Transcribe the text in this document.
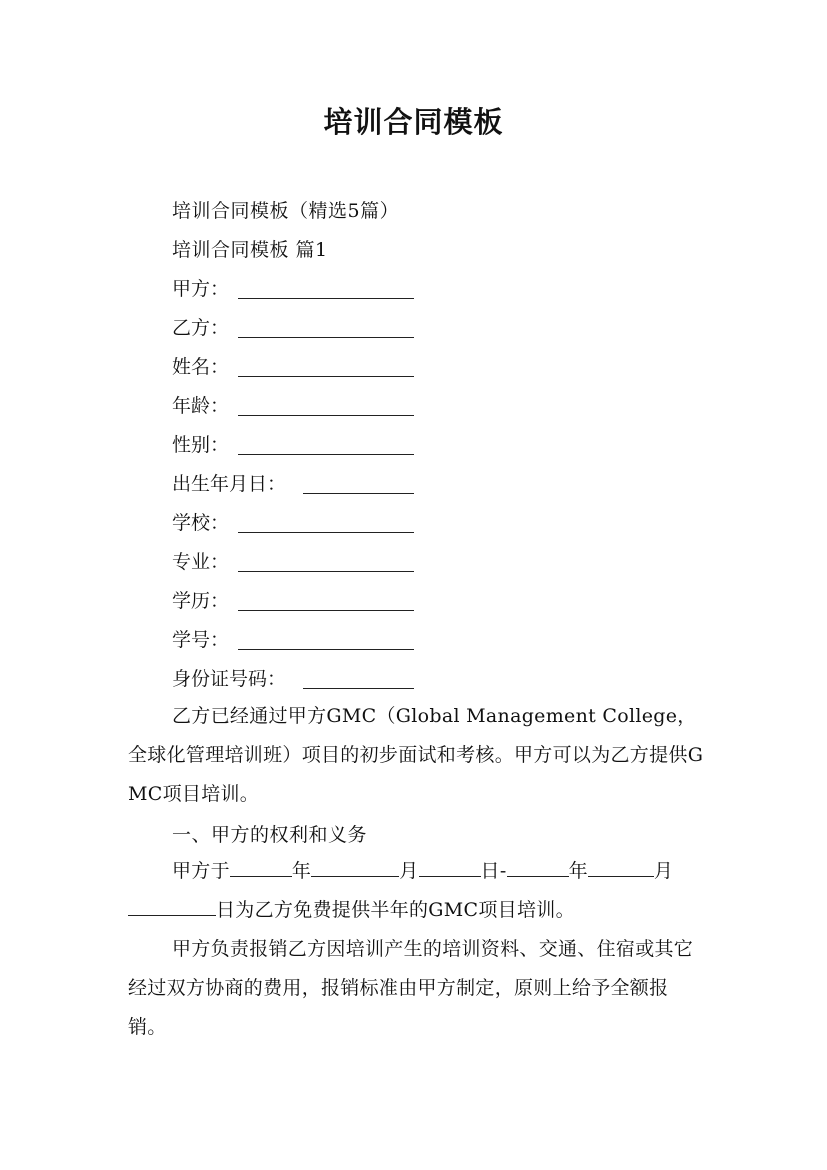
培训合同模板
培训合同模板（精选5篇）
培训合同模板 篇1
甲方：
乙方：
姓名：
年龄：
性别：
出生年月日：
学校：
专业：
学历：
学号：
身份证号码：
乙方已经通过甲方GMC（Global Management College，全球化管理培训班）项目的初步面试和考核。甲方可以为乙方提供GMC项目培训。
一、甲方的权利和义务
甲方于	年	月	日-	年	月日为乙方免费提供半年的GMC项目培训。
甲方负责报销乙方因培训产生的培训资料、交通、住宿或其它经过双方协商的费用，报销标准由甲方制定，原则上给予全额报销。
